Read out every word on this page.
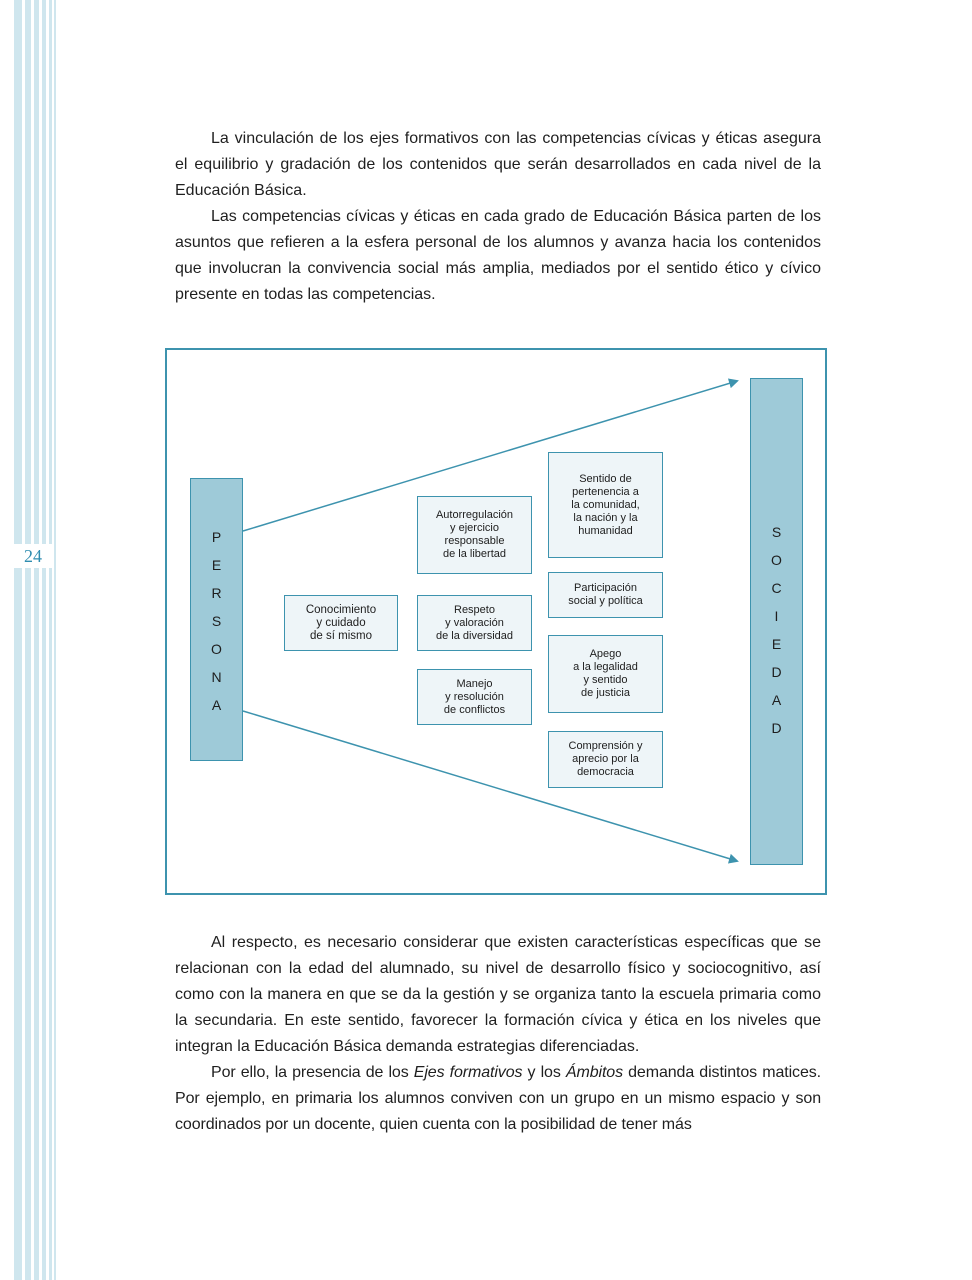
24

La vinculación de los ejes formativos con las competencias cívicas y éticas asegura el equilibrio y gradación de los contenidos que serán desarrollados en cada nivel de la Educación Básica.

Las competencias cívicas y éticas en cada grado de Educación Básica parten de los asuntos que refieren a la esfera personal de los alumnos y avanza hacia los contenidos que involucran la convivencia social más amplia, mediados por el sentido ético y cívico presente en todas las competencias.

P
E
R
S
O
N
A
S
O
C
I
E
D
A
D
Conocimiento
y cuidado
de sí mismo
Autorregulación
y ejercicio
responsable
de la libertad
Respeto
y valoración
de la diversidad
Manejo
y resolución
de conflictos
Sentido de
pertenencia a
la comunidad,
la nación y la
humanidad
Participación
social y política
Apego
a la legalidad
y sentido
de justicia
Comprensión y
aprecio por la
democracia

Al respecto, es necesario considerar que existen características específicas que se relacionan con la edad del alumnado, su nivel de desarrollo físico y sociocognitivo, así como con la manera en que se da la gestión y se organiza tanto la escuela primaria como la secundaria. En este sentido, favorecer la formación cívica y ética en los niveles que integran la Educación Básica demanda estrategias diferenciadas.

Por ello, la presencia de los Ejes formativos y los Ámbitos demanda distintos matices. Por ejemplo, en primaria los alumnos conviven con un grupo en un mismo espacio y son coordinados por un docente, quien cuenta con la posibilidad de tener más
